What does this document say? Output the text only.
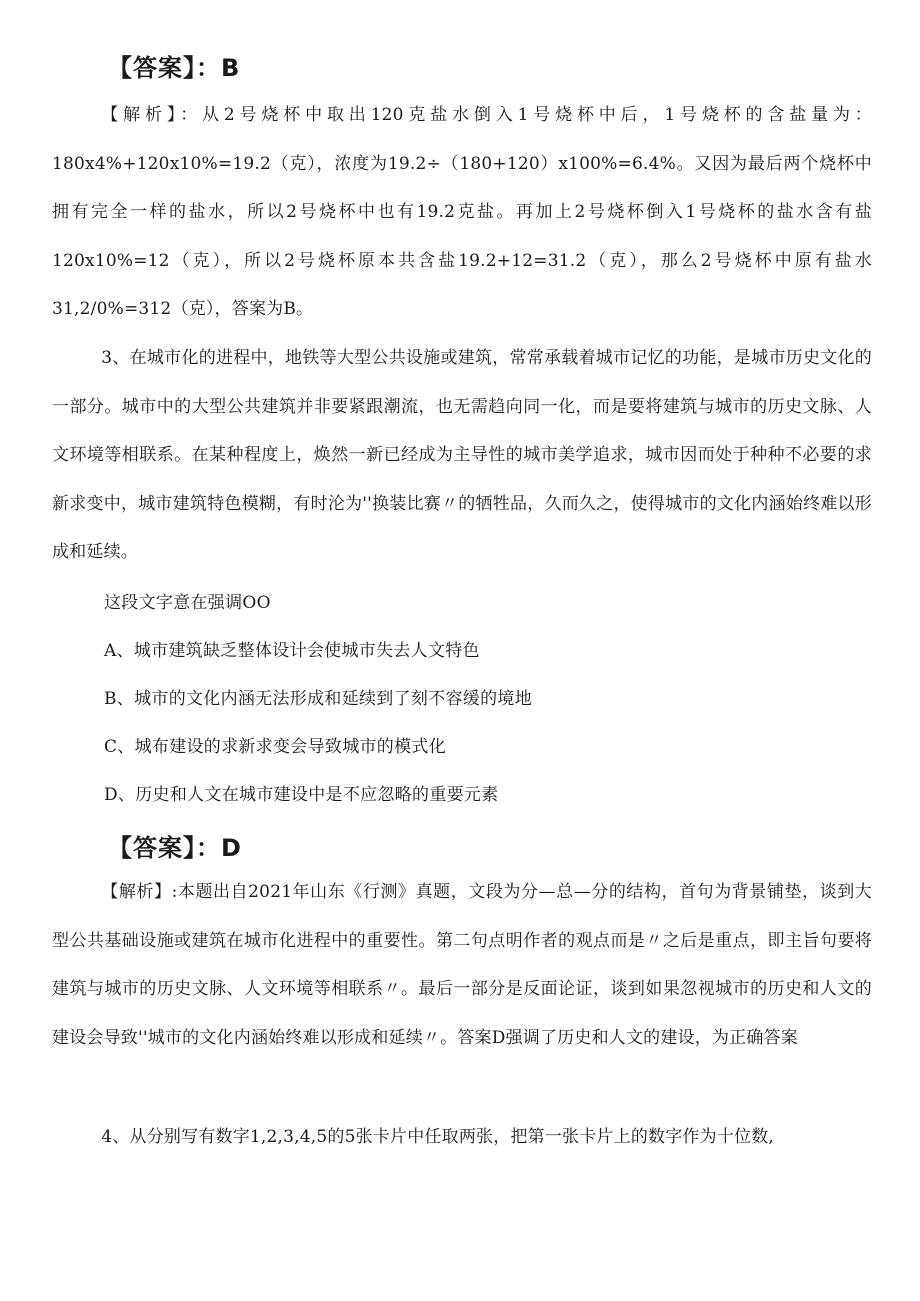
【答案】：B
【解析】：从2号烧杯中取出120克盐水倒入1号烧杯中后，1号烧杯的含盐量为：180x4%+120x10%=19.2（克），浓度为19.2÷（180+120）x100%=6.4%。又因为最后两个烧杯中拥有完全一样的盐水，所以2号烧杯中也有19.2克盐。再加上2号烧杯倒入1号烧杯的盐水含有盐120x10%=12（克），所以2号烧杯原本共含盐19.2+12=31.2（克），那么2号烧杯中原有盐水31,2/0%=312（克），答案为B。
3、在城市化的进程中，地铁等大型公共设施或建筑，常常承载着城市记忆的功能，是城市历史文化的一部分。城市中的大型公共建筑并非要紧跟潮流，也无需趋向同一化，而是要将建筑与城市的历史文脉、人文环境等相联系。在某种程度上，焕然一新已经成为主导性的城市美学追求，城市因而处于种种不必要的求新求变中，城市建筑特色模糊，有时沦为''换装比赛〃的牺牲品，久而久之，使得城市的文化内涵始终难以形成和延续。
这段文字意在强调OO
A、城市建筑缺乏整体设计会使城市失去人文特色
B、城市的文化内涵无法形成和延续到了刻不容缓的境地
C、城布建设的求新求变会导致城市的模式化
D、历史和人文在城市建设中是不应忽略的重要元素
【答案】：D
【解析】:本题出自2021年山东《行测》真题，文段为分—总—分的结构，首句为背景铺垫，谈到大型公共基础设施或建筑在城市化进程中的重要性。第二句点明作者的观点而是〃之后是重点，即主旨句要将建筑与城市的历史文脉、人文环境等相联系〃。最后一部分是反面论证，谈到如果忽视城市的历史和人文的建设会导致''城市的文化内涵始终难以形成和延续〃。答案D强调了历史和人文的建设，为正确答案
4、从分别写有数字1,2,3,4,5的5张卡片中任取两张，把第一张卡片上的数字作为十位数,
